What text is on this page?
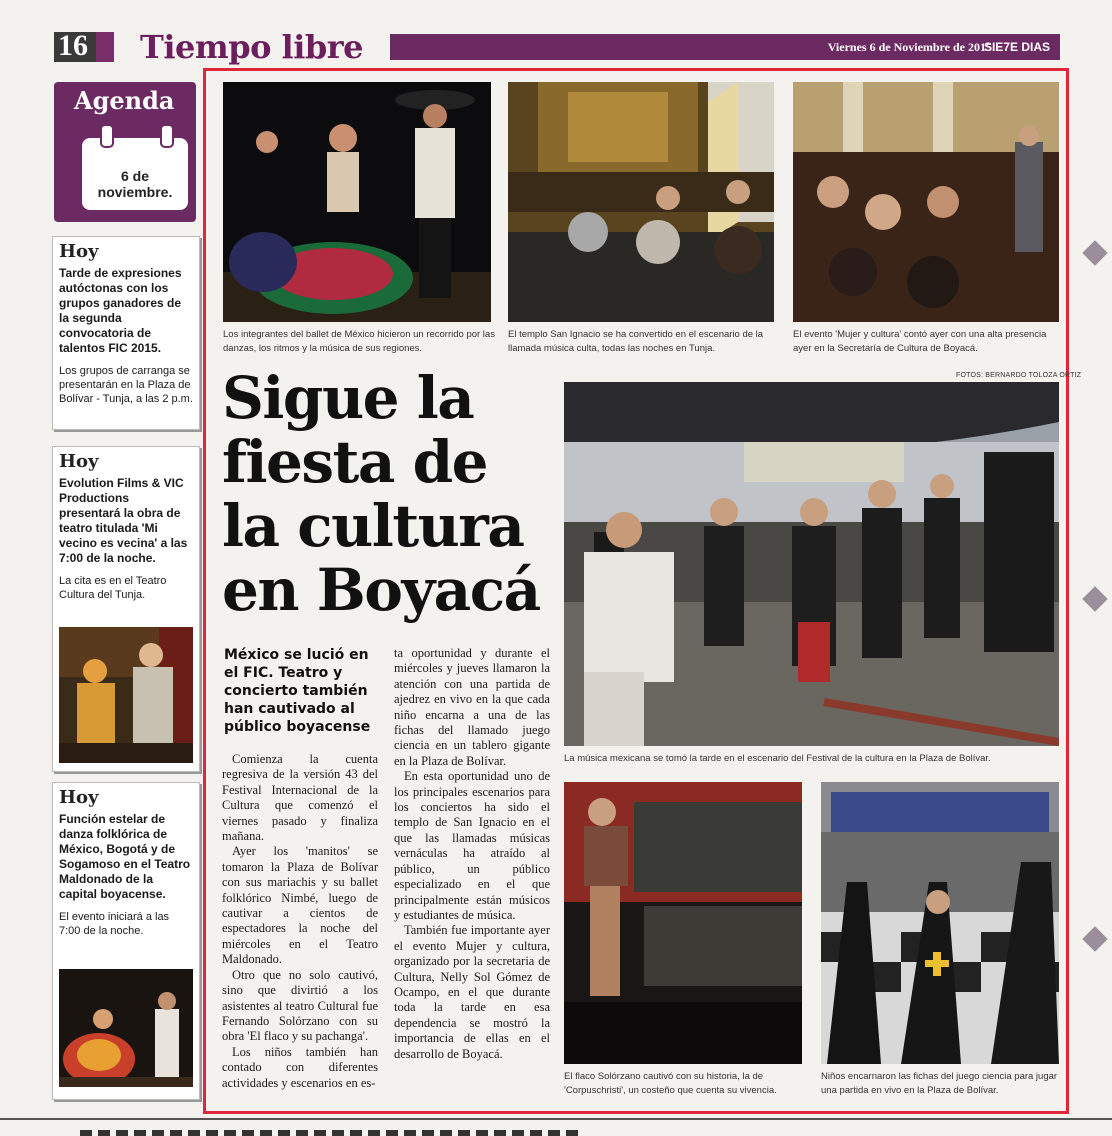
16	Tiempo libre	Viernes 6 de Noviembre de 2015
SIE7E DIAS
Agenda
6 de noviembre.
Hoy
Tarde de expresiones autóctonas con los grupos ganadores de la segunda convocatoria de talentos FIC 2015.
Los grupos de carranga se presentarán en la Plaza de Bolívar - Tunja, a las 2 p.m.
Hoy
Evolution Films & VIC Productions presentará la obra de teatro titulada 'Mi vecino es vecina' a las 7:00 de la noche.
La cita es en el Teatro Cultura del Tunja.
Hoy
Función estelar de danza folklórica de México, Bogotá y de Sogamoso en el Teatro Maldonado de la capital boyacense.
El evento iniciará a las 7:00 de la noche.
Los integrantes del ballet de México hicieron un recorrido por las danzas, los ritmos y la música de sus regiones.
El templo San Ignacio se ha convertido en el escenario de la llamada música culta, todas las noches en Tunja.
El evento 'Mujer y cultura' contó ayer con una alta presencia ayer en la Secretaría de Cultura de Boyacá.
FOTOS: BERNARDO TOLOZA ORTIZ
Sigue la fiesta de la cultura en Boyacá
La música mexicana se tomó la tarde en el escenario del Festival de la cultura en la Plaza de Bolívar.
México se lució en el FIC. Teatro y concierto también han cautivado al público boyacense

Comienza la cuenta regresiva de la versión 43 del Festival Internacional de la Cultura que comenzó el viernes pasado y finaliza mañana.

Ayer los 'manitos' se tomaron la Plaza de Bolívar con sus mariachis y su ballet folklórico Nimbé, luego de cautivar a cientos de espectadores la noche del miércoles en el Teatro Maldonado.

Otro que no solo cautivó, sino que divirtió a los asistentes al teatro Cultural fue Fernando Solórzano con su obra 'El flaco y su pachanga'.

Los niños también han contado con diferentes actividades y escenarios en es-

ta oportunidad y durante el miércoles y jueves llamaron la atención con una partida de ajedrez en vivo en la que cada niño encarna a una de las fichas del llamado juego ciencia en un tablero gigante en la Plaza de Bolívar.

En esta oportunidad uno de los principales escenarios para los conciertos ha sido el templo de San Ignacio en el que las llamadas músicas vernáculas ha atraído al público, un público especializado en el que principalmente están músicos y estudiantes de música.

También fue importante ayer el evento Mujer y cultura, organizado por la secretaria de Cultura, Nelly Sol Gómez de Ocampo, en el que durante toda la tarde en esa dependencia se mostró la importancia de ellas en el desarrollo de Boyacá.

El flaco Solórzano cautivó con su historia, la de 'Corpuschristi', un costeño que cuenta su vivencia.
Niños encarnaron las fichas del juego ciencia para jugar una partida en vivo en la Plaza de Bolívar.
